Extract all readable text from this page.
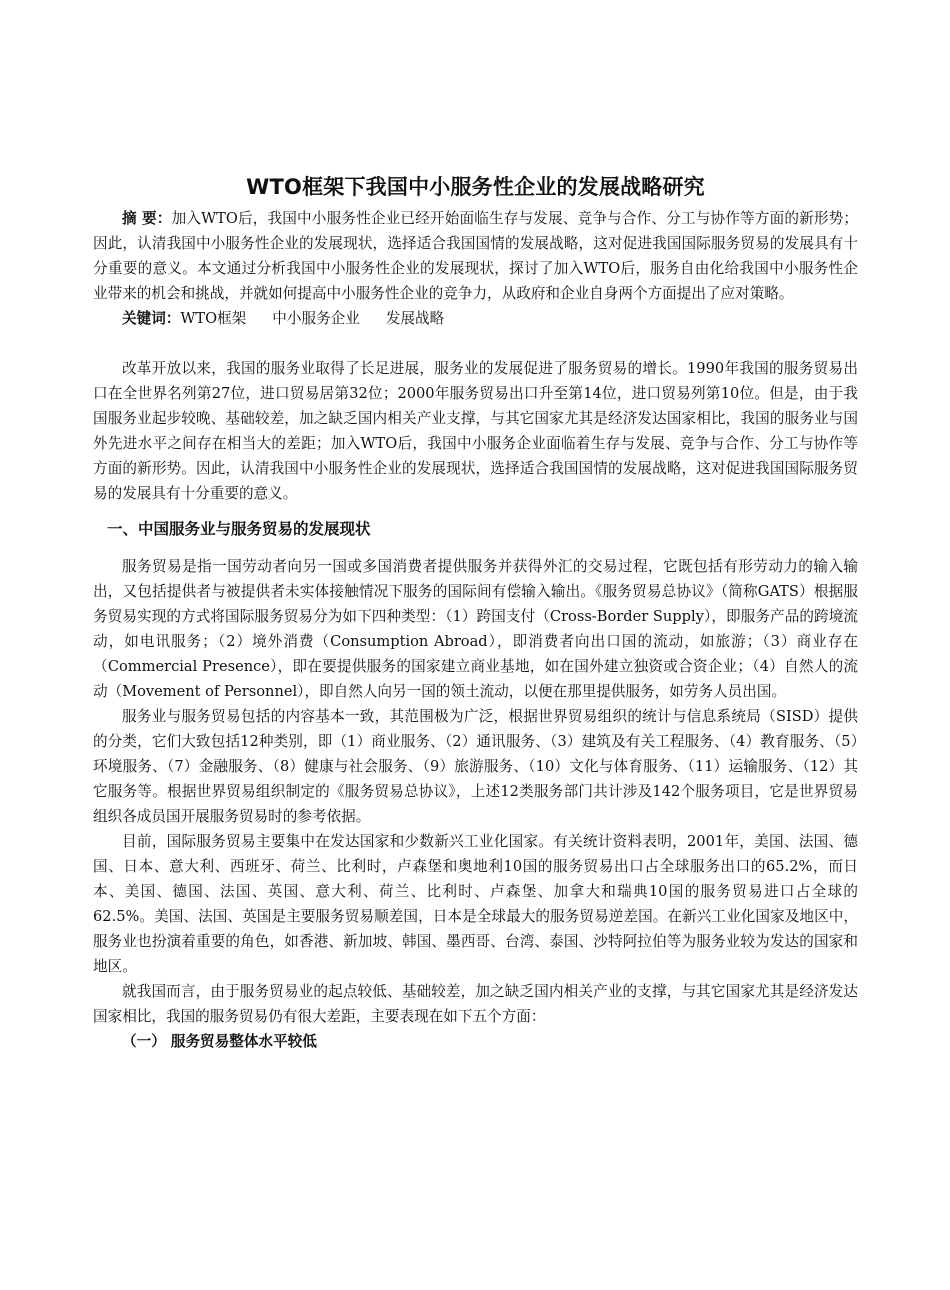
WTO框架下我国中小服务性企业的发展战略研究

摘 要：加入WTO后，我国中小服务性企业已经开始面临生存与发展、竞争与合作、分工与协作等方面的新形势；因此，认清我国中小服务性企业的发展现状，选择适合我国国情的发展战略，这对促进我国国际服务贸易的发展具有十分重要的意义。本文通过分析我国中小服务性企业的发展现状，探讨了加入WTO后，服务自由化给我国中小服务性企业带来的机会和挑战，并就如何提高中小服务性企业的竞争力，从政府和企业自身两个方面提出了应对策略。

关键词：WTO框架 中小服务企业 发展战略

改革开放以来，我国的服务业取得了长足进展，服务业的发展促进了服务贸易的增长。1990年我国的服务贸易出口在全世界名列第27位，进口贸易居第32位；2000年服务贸易出口升至第14位，进口贸易列第10位。但是，由于我国服务业起步较晚、基础较差，加之缺乏国内相关产业支撑，与其它国家尤其是经济发达国家相比，我国的服务业与国外先进水平之间存在相当大的差距；加入WTO后，我国中小服务企业面临着生存与发展、竞争与合作、分工与协作等方面的新形势。因此，认清我国中小服务性企业的发展现状，选择适合我国国情的发展战略，这对促进我国国际服务贸易的发展具有十分重要的意义。

一、中国服务业与服务贸易的发展现状

服务贸易是指一国劳动者向另一国或多国消费者提供服务并获得外汇的交易过程，它既包括有形劳动力的输入输出，又包括提供者与被提供者未实体接触情况下服务的国际间有偿输入输出。《服务贸易总协议》（简称GATS）根据服务贸易实现的方式将国际服务贸易分为如下四种类型：（1）跨国支付（Cross-Border Supply），即服务产品的跨境流动，如电讯服务；（2）境外消费（Consumption Abroad），即消费者向出口国的流动，如旅游；（3）商业存在（Commercial Presence），即在要提供服务的国家建立商业基地，如在国外建立独资或合资企业；（4）自然人的流动（Movement of Personnel），即自然人向另一国的领土流动，以便在那里提供服务，如劳务人员出国。

服务业与服务贸易包括的内容基本一致，其范围极为广泛，根据世界贸易组织的统计与信息系统局（SISD）提供的分类，它们大致包括12种类别，即（1）商业服务、（2）通讯服务、（3）建筑及有关工程服务、（4）教育服务、（5）环境服务、（7）金融服务、（8）健康与社会服务、（9）旅游服务、（10）文化与体育服务、（11）运输服务、（12）其它服务等。根据世界贸易组织制定的《服务贸易总协议》，上述12类服务部门共计涉及142个服务项目，它是世界贸易组织各成员国开展服务贸易时的参考依据。

目前，国际服务贸易主要集中在发达国家和少数新兴工业化国家。有关统计资料表明，2001年，美国、法国、德国、日本、意大利、西班牙、荷兰、比利时，卢森堡和奥地利10国的服务贸易出口占全球服务出口的65.2%，而日本、美国、德国、法国、英国、意大利、荷兰、比利时、卢森堡、加拿大和瑞典10国的服务贸易进口占全球的62.5%。美国、法国、英国是主要服务贸易顺差国，日本是全球最大的服务贸易逆差国。在新兴工业化国家及地区中，服务业也扮演着重要的角色，如香港、新加坡、韩国、墨西哥、台湾、泰国、沙特阿拉伯等为服务业较为发达的国家和地区。

就我国而言，由于服务贸易业的起点较低、基础较差，加之缺乏国内相关产业的支撑，与其它国家尤其是经济发达国家相比，我国的服务贸易仍有很大差距，主要表现在如下五个方面：

（一） 服务贸易整体水平较低
